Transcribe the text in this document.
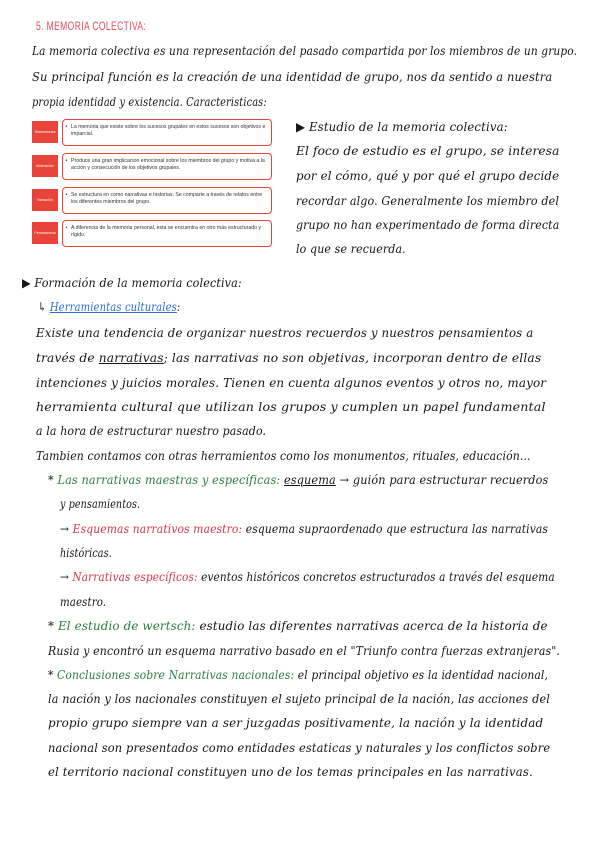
5. MEMORIA COLECTIVA:
La memoria colectiva es una representación del pasado compartida por los miembros de un grupo.
Su principal función es la creación de una identidad de grupo, nos da sentido a nuestra
propia identidad y existencia. Caracteristicas:
Dimensiones
• La memoria que existe sobre los sucesos grupales en estos sucesos son objetivos e imparcial.
Motivación
• Produce una gran implicacion emocional sobre los miembros del grupo y motiva a la acción y consecución de los objetivos grupales.
Narración
• Se estructura en como narrativas e historias. Se comparte a través de relatos entre los diferentes miembros del grupo.
Permanencia
• A diferencia de la memoria personal, esta se encuentra en otro más estructurado y rígido.
▶ Estudio de la memoria colectiva:
El foco de estudio es el grupo, se interesa
por el cómo, qué y por qué el grupo decide
recordar algo. Generalmente los miembro del
grupo no han experimentado de forma directa
lo que se recuerda.
▶ Formación de la memoria colectiva:
↳ Herramientas culturales:
Existe una tendencia de organizar nuestros recuerdos y nuestros pensamientos a
través de narrativas; las narrativas no son objetivas, incorporan dentro de ellas
intenciones y juicios morales. Tienen en cuenta algunos eventos y otros no, mayor
herramienta cultural que utilizan los grupos y cumplen un papel fundamental
a la hora de estructurar nuestro pasado.
Tambien contamos con otras herramientos como los monumentos, rituales, educación...
* Las narrativas maestras y específicas: esquema → guión para estructurar recuerdos
y pensamientos.
→ Esquemas narrativos maestro: esquema supraordenado que estructura las narrativas
históricas.
→ Narrativas específicos: eventos históricos concretos estructurados a través del esquema
maestro.
* El estudio de wertsch: estudio las diferentes narrativas acerca de la historia de
Rusia y encontró un esquema narrativo basado en el "Triunfo contra fuerzas extranjeras".
* Conclusiones sobre Narrativas nacionales: el principal objetivo es la identidad nacional,
la nación y los nacionales constituyen el sujeto principal de la nación, las acciones del
propio grupo siempre van a ser juzgadas positivamente, la nación y la identidad
nacional son presentados como entidades estaticas y naturales y los conflictos sobre
el territorio nacional constituyen uno de los temas principales en las narrativas.
